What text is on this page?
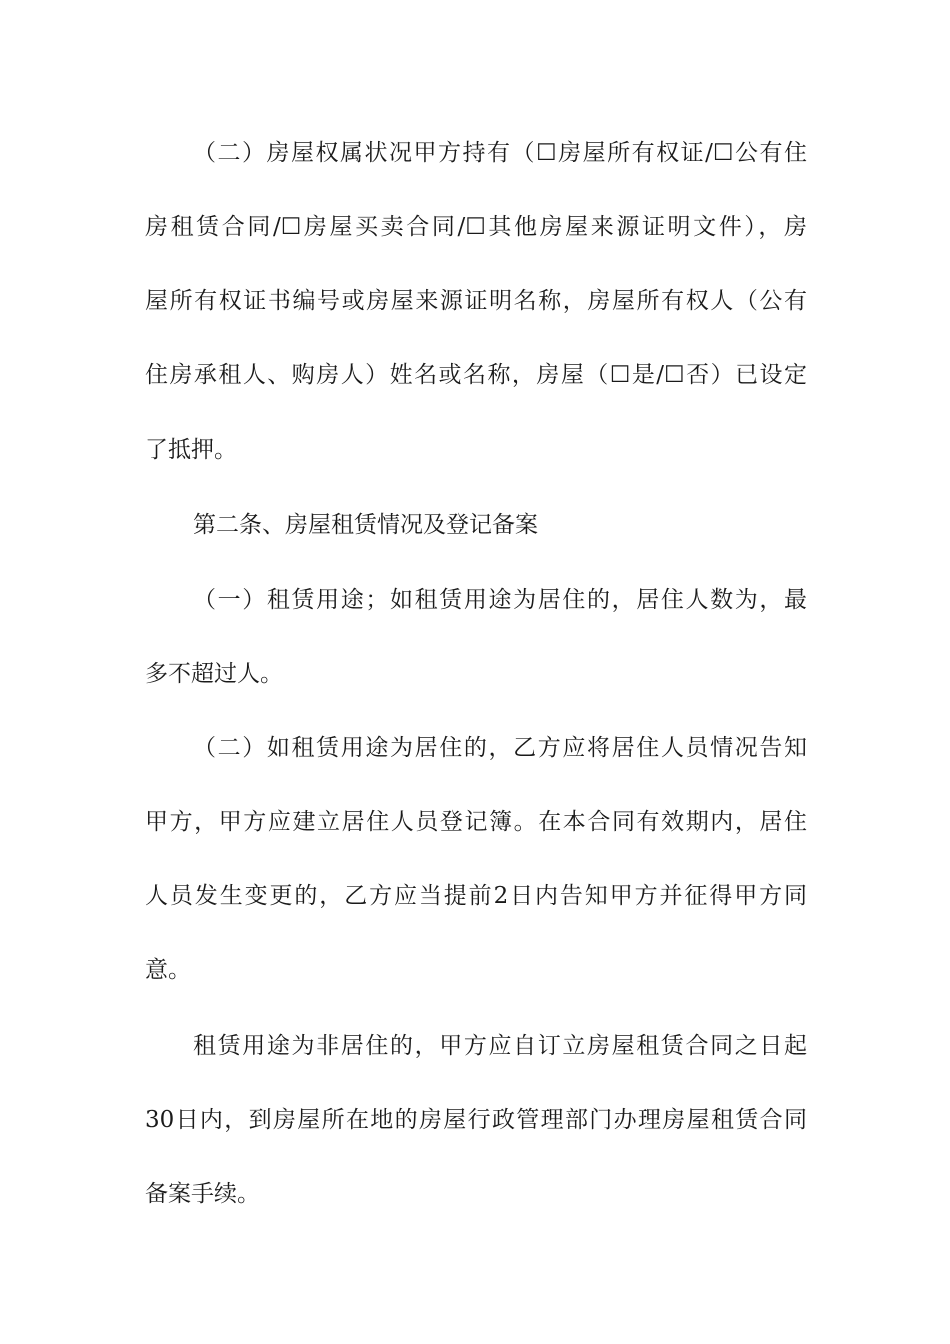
（二）房屋权属状况甲方持有（☐房屋所有权证/☐公有住
房租赁合同/☐房屋买卖合同/☐其他房屋来源证明文件），房
屋所有权证书编号或房屋来源证明名称，房屋所有权人（公有
住房承租人、购房人）姓名或名称，房屋（☐是/☐否）已设定
了抵押。
第二条、房屋租赁情况及登记备案
（一）租赁用途；如租赁用途为居住的，居住人数为，最
多不超过人。
（二）如租赁用途为居住的，乙方应将居住人员情况告知
甲方，甲方应建立居住人员登记簿。在本合同有效期内，居住
人员发生变更的，乙方应当提前2日内告知甲方并征得甲方同
意。
租赁用途为非居住的，甲方应自订立房屋租赁合同之日起
30日内，到房屋所在地的房屋行政管理部门办理房屋租赁合同
备案手续。
